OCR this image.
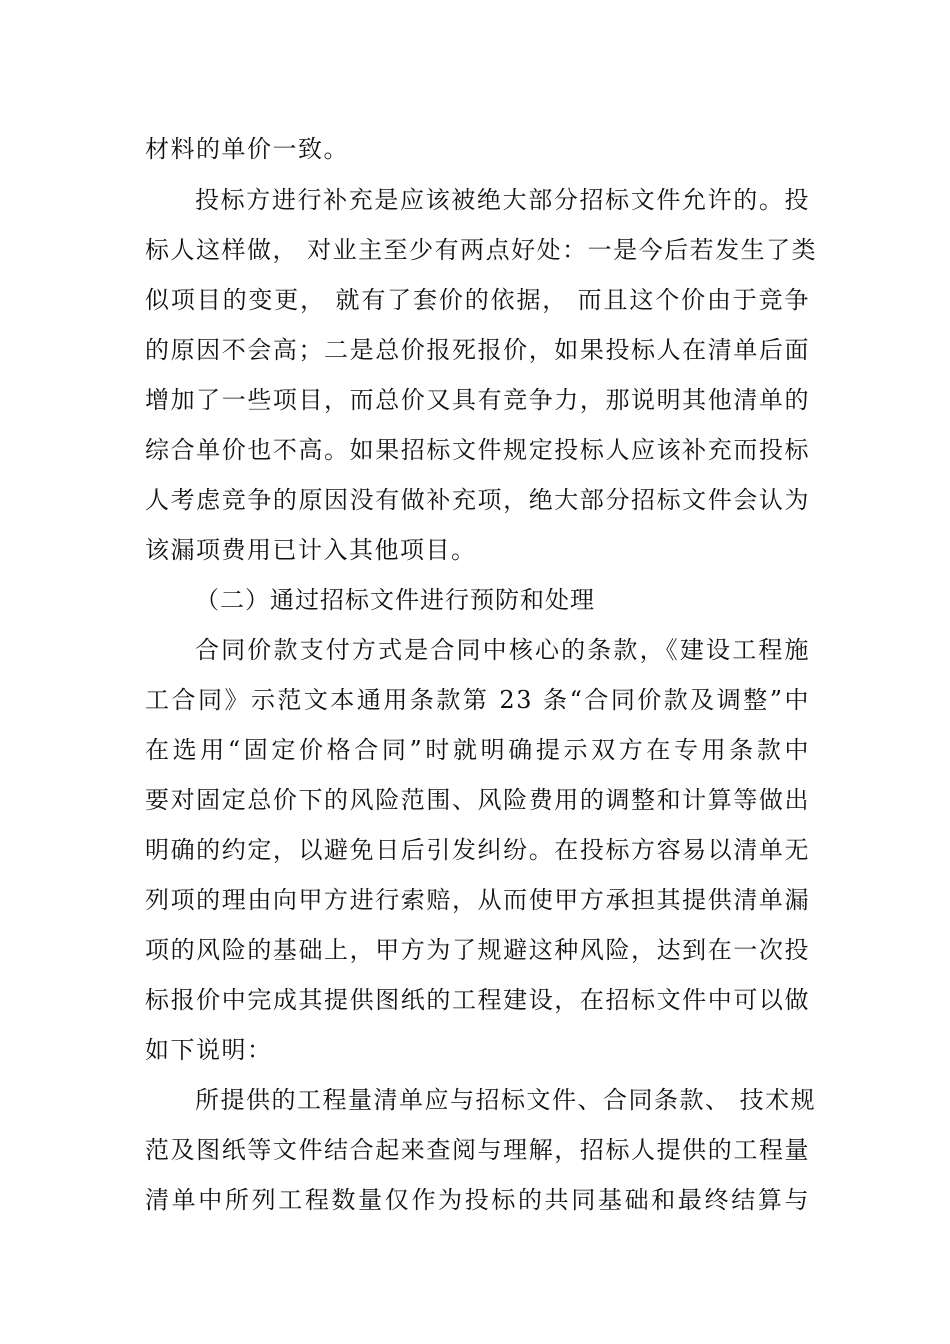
材料的单价一致。

投标方进行补充是应该被绝大部分招标文件允许的。投

标人这样做， 对业主至少有两点好处：一是今后若发生了类

似项目的变更， 就有了套价的依据， 而且这个价由于竞争

的原因不会高；二是总价报死报价，如果投标人在清单后面

增加了一些项目，而总价又具有竞争力，那说明其他清单的

综合单价也不高。如果招标文件规定投标人应该补充而投标

人考虑竞争的原因没有做补充项，绝大部分招标文件会认为

该漏项费用已计入其他项目。

（二）通过招标文件进行预防和处理

合同价款支付方式是合同中核心的条款，《建设工程施

工合同》示范文本通用条款第 23 条“合同价款及调整”中

在选用“固定价格合同”时就明确提示双方在专用条款中

要对固定总价下的风险范围、风险费用的调整和计算等做出

明确的约定，以避免日后引发纠纷。在投标方容易以清单无

列项的理由向甲方进行索赔，从而使甲方承担其提供清单漏

项的风险的基础上，甲方为了规避这种风险，达到在一次投

标报价中完成其提供图纸的工程建设，在招标文件中可以做

如下说明：

所提供的工程量清单应与招标文件、合同条款、 技术规

范及图纸等文件结合起来查阅与理解，招标人提供的工程量

清单中所列工程数量仅作为投标的共同基础和最终结算与
